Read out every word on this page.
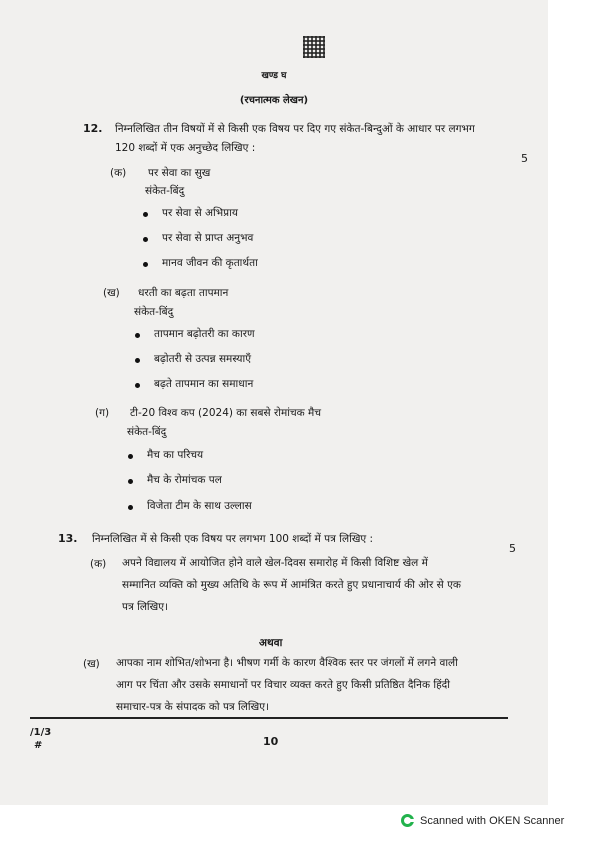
खण्ड घ
(रचनात्मक लेखन)
12. निम्नलिखित तीन विषयों में से किसी एक विषय पर दिए गए संकेत-बिन्दुओं के आधार पर लगभग
120 शब्दों में एक अनुच्छेद लिखिए :
5
(क) पर सेवा का सुख
संकेत-बिंदु
पर सेवा से अभिप्राय
पर सेवा से प्राप्त अनुभव
मानव जीवन की कृतार्थता
(ख) धरती का बढ़ता तापमान
संकेत-बिंदु
तापमान बढ़ोतरी का कारण
बढ़ोतरी से उत्पन्न समस्याएँ
बढ़ते तापमान का समाधान
(ग) टी-20 विश्व कप (2024) का सबसे रोमांचक मैच
संकेत-बिंदु
मैच का परिचय
मैच के रोमांचक पल
विजेता टीम के साथ उल्लास
13. निम्नलिखित में से किसी एक विषय पर लगभग 100 शब्दों में पत्र लिखिए :
5
(क) अपने विद्यालय में आयोजित होने वाले खेल-दिवस समारोह में किसी विशिष्ट खेल में
सम्मानित व्यक्ति को मुख्य अतिथि के रूप में आमंत्रित करते हुए प्रधानाचार्य की ओर से एक
पत्र लिखिए।
अथवा
(ख) आपका नाम शोभित/शोभना है। भीषण गर्मी के कारण वैश्विक स्तर पर जंगलों में लगने वाली
आग पर चिंता और उसके समाधानों पर विचार व्यक्त करते हुए किसी प्रतिष्ठित दैनिक हिंदी
समाचार-पत्र के संपादक को पत्र लिखिए।
/1/3
#	10
Scanned with OKEN Scanner
